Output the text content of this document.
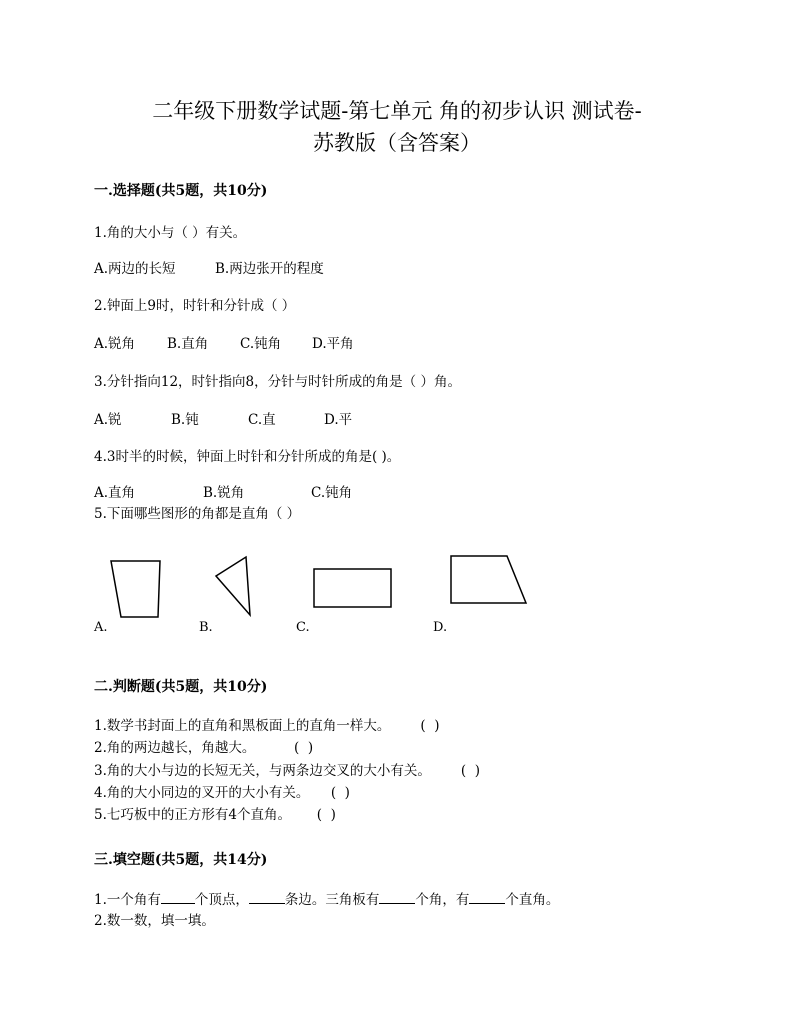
二年级下册数学试题-第七单元 角的初步认识 测试卷-
苏教版（含答案）
一.选择题(共5题，共10分)
1.角的大小与（ ）有关。
A.两边的长短	B.两边张开的程度
2.钟面上9时，时针和分针成（ ）
A.锐角 B.直角 C.钝角 D.平角
3.分针指向12，时针指向8，分针与时针所成的角是（ ）角。
A.锐	B.钝	C.直	D.平
4.3时半的时候，钟面上时针和分针所成的角是( )。
A.直角	B.锐角	C.钝角
5.下面哪些图形的角都是直角（ ）
A.	B.	C.	D.
二.判断题(共5题，共10分)
1.数学书封面上的直角和黑板面上的直角一样大。       (  )
2.角的两边越长，角越大。         (  )
3.角的大小与边的长短无关，与两条边交叉的大小有关。       (  )
4.角的大小同边的叉开的大小有关。     (  )
5.七巧板中的正方形有4个直角。      (  )
三.填空题(共5题，共14分)
1.一个角有	个顶点，	条边。三角板有	个角，有	个直角。
2.数一数，填一填。
